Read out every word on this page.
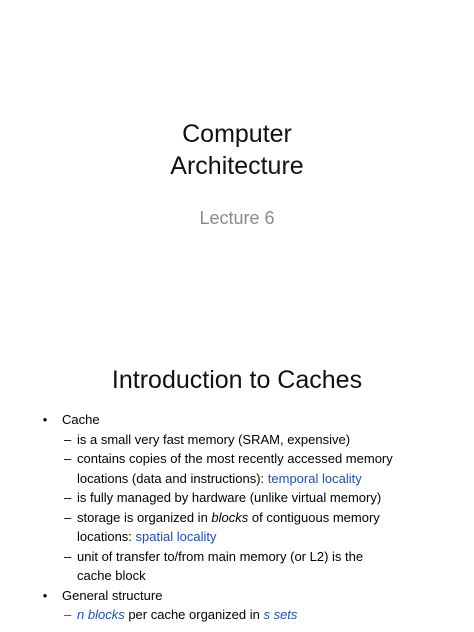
Computer
Architecture
Lecture 6
Introduction to Caches
•	Cache
– is a small very fast memory (SRAM, expensive)
– contains copies of the most recently accessed memory
locations (data and instructions): temporal locality
– is fully managed by hardware (unlike virtual memory)
– storage is organized in blocks of contiguous memory
locations: spatial locality
– unit of transfer to/from main memory (or L2) is the
cache block
•	General structure
– n blocks per cache organized in s sets
